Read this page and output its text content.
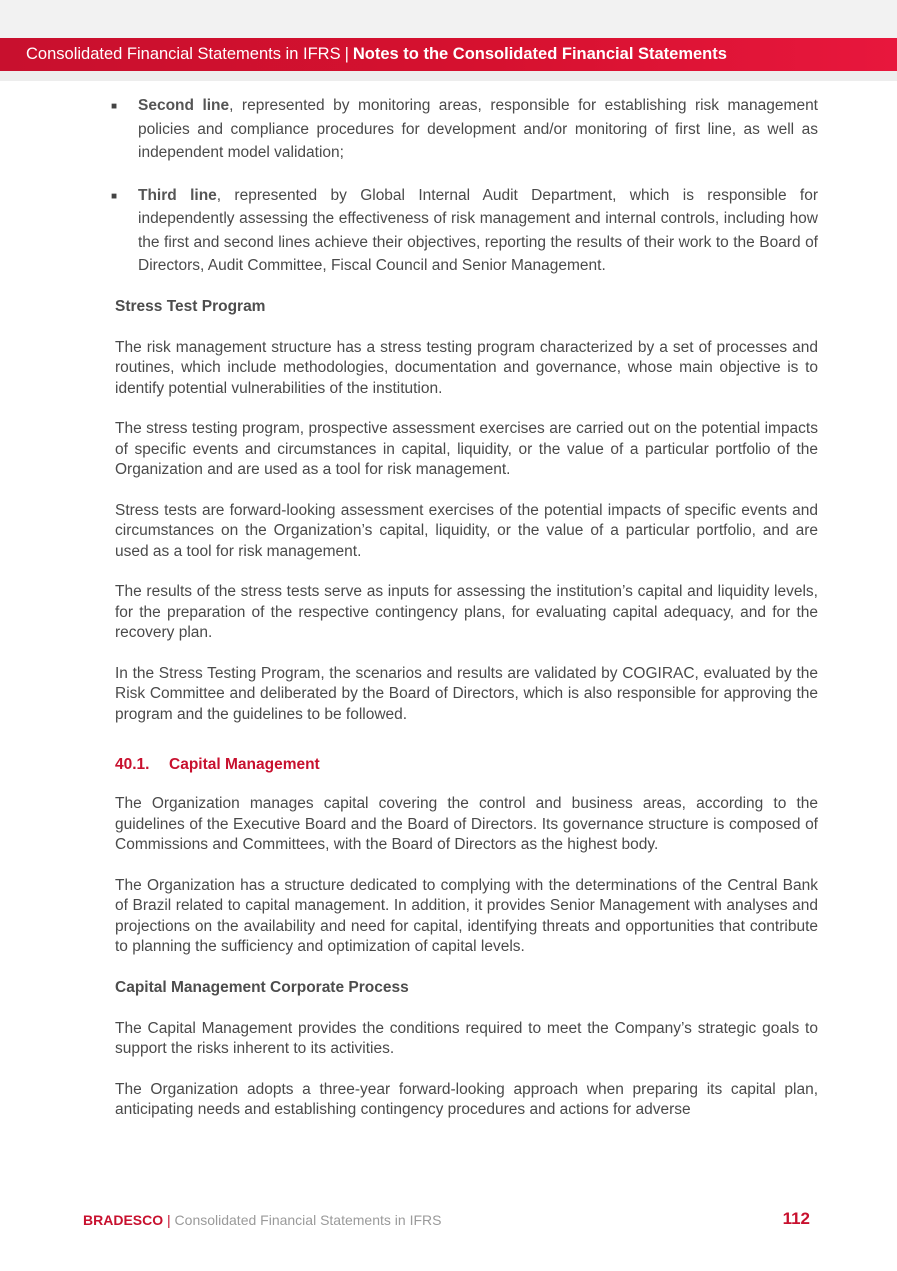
Consolidated Financial Statements in IFRS | Notes to the Consolidated Financial Statements
■ Second line, represented by monitoring areas, responsible for establishing risk management policies and compliance procedures for development and/or monitoring of first line, as well as independent model validation;
■ Third line, represented by Global Internal Audit Department, which is responsible for independently assessing the effectiveness of risk management and internal controls, including how the first and second lines achieve their objectives, reporting the results of their work to the Board of Directors, Audit Committee, Fiscal Council and Senior Management.
Stress Test Program

The risk management structure has a stress testing program characterized by a set of processes and routines, which include methodologies, documentation and governance, whose main objective is to identify potential vulnerabilities of the institution.

The stress testing program, prospective assessment exercises are carried out on the potential impacts of specific events and circumstances in capital, liquidity, or the value of a particular portfolio of the Organization and are used as a tool for risk management.

Stress tests are forward-looking assessment exercises of the potential impacts of specific events and circumstances on the Organization’s capital, liquidity, or the value of a particular portfolio, and are used as a tool for risk management.

The results of the stress tests serve as inputs for assessing the institution’s capital and liquidity levels, for the preparation of the respective contingency plans, for evaluating capital adequacy, and for the recovery plan.

In the Stress Testing Program, the scenarios and results are validated by COGIRAC, evaluated by the Risk Committee and deliberated by the Board of Directors, which is also responsible for approving the program and the guidelines to be followed.

40.1. Capital Management

The Organization manages capital covering the control and business areas, according to the guidelines of the Executive Board and the Board of Directors. Its governance structure is composed of Commissions and Committees, with the Board of Directors as the highest body.

The Organization has a structure dedicated to complying with the determinations of the Central Bank of Brazil related to capital management. In addition, it provides Senior Management with analyses and projections on the availability and need for capital, identifying threats and opportunities that contribute to planning the sufficiency and optimization of capital levels.

Capital Management Corporate Process

The Capital Management provides the conditions required to meet the Company’s strategic goals to support the risks inherent to its activities.

The Organization adopts a three-year forward-looking approach when preparing its capital plan, anticipating needs and establishing contingency procedures and actions for adverse

BRADESCO | Consolidated Financial Statements in IFRS	112
